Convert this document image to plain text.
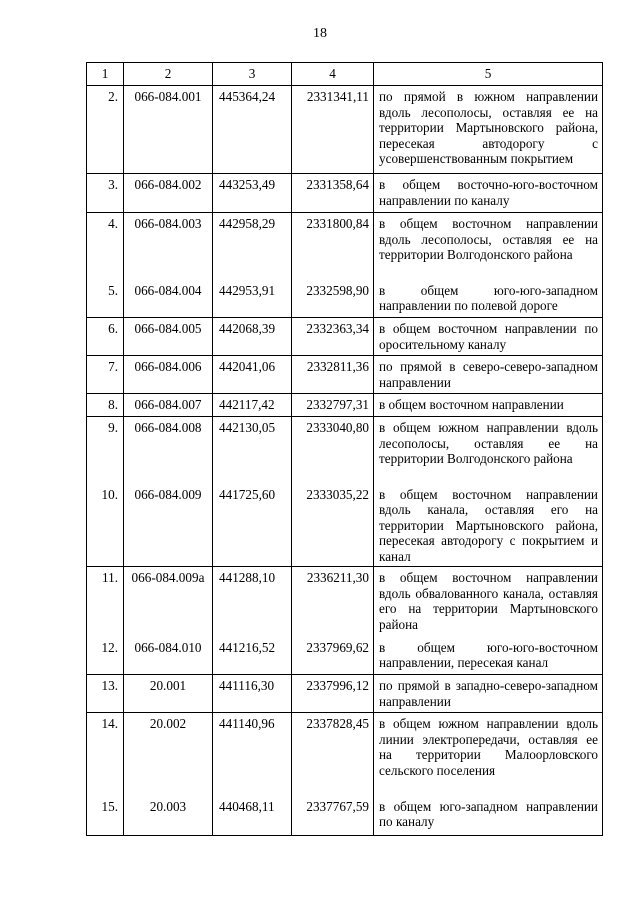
18
1	2	3	4	5
2.	066-084.001	445364,24	2331341,11	по прямой в южном направлении вдоль лесополосы, оставляя ее на территории Мартыновского района, пересекая автодорогу с усовершенствованным покрытием
3.	066-084.002	443253,49	2331358,64	в общем восточно-юго-восточном направлении по каналу
4.	066-084.003	442958,29	2331800,84	в общем восточном направлении вдоль лесополосы, оставляя ее на территории Волгодонского района
5.	066-084.004	442953,91	2332598,90	в общем юго-юго-западном направлении по полевой дороге
6.	066-084.005	442068,39	2332363,34	в общем восточном направлении по оросительному каналу
7.	066-084.006	442041,06	2332811,36	по прямой в северо-северо-западном направлении
8.	066-084.007	442117,42	2332797,31	в общем восточном направлении
9.	066-084.008	442130,05	2333040,80	в общем южном направлении вдоль лесополосы, оставляя ее на территории Волгодонского района
10.	066-084.009	441725,60	2333035,22	в общем восточном направлении вдоль канала, оставляя его на территории Мартыновского района, пересекая автодорогу с покрытием и канал
11.	066-084.009а	441288,10	2336211,30	в общем восточном направлении вдоль обвалованного канала, оставляя его на территории Мартыновского района
12.	066-084.010	441216,52	2337969,62	в общем юго-юго-восточном направлении, пересекая канал
13.	20.001	441116,30	2337996,12	по прямой в западно-северо-западном направлении
14.	20.002	441140,96	2337828,45	в общем южном направлении вдоль линии электропередачи, оставляя ее на территории Малоорловского сельского поселения
15.	20.003	440468,11	2337767,59	в общем юго-западном направлении по каналу
